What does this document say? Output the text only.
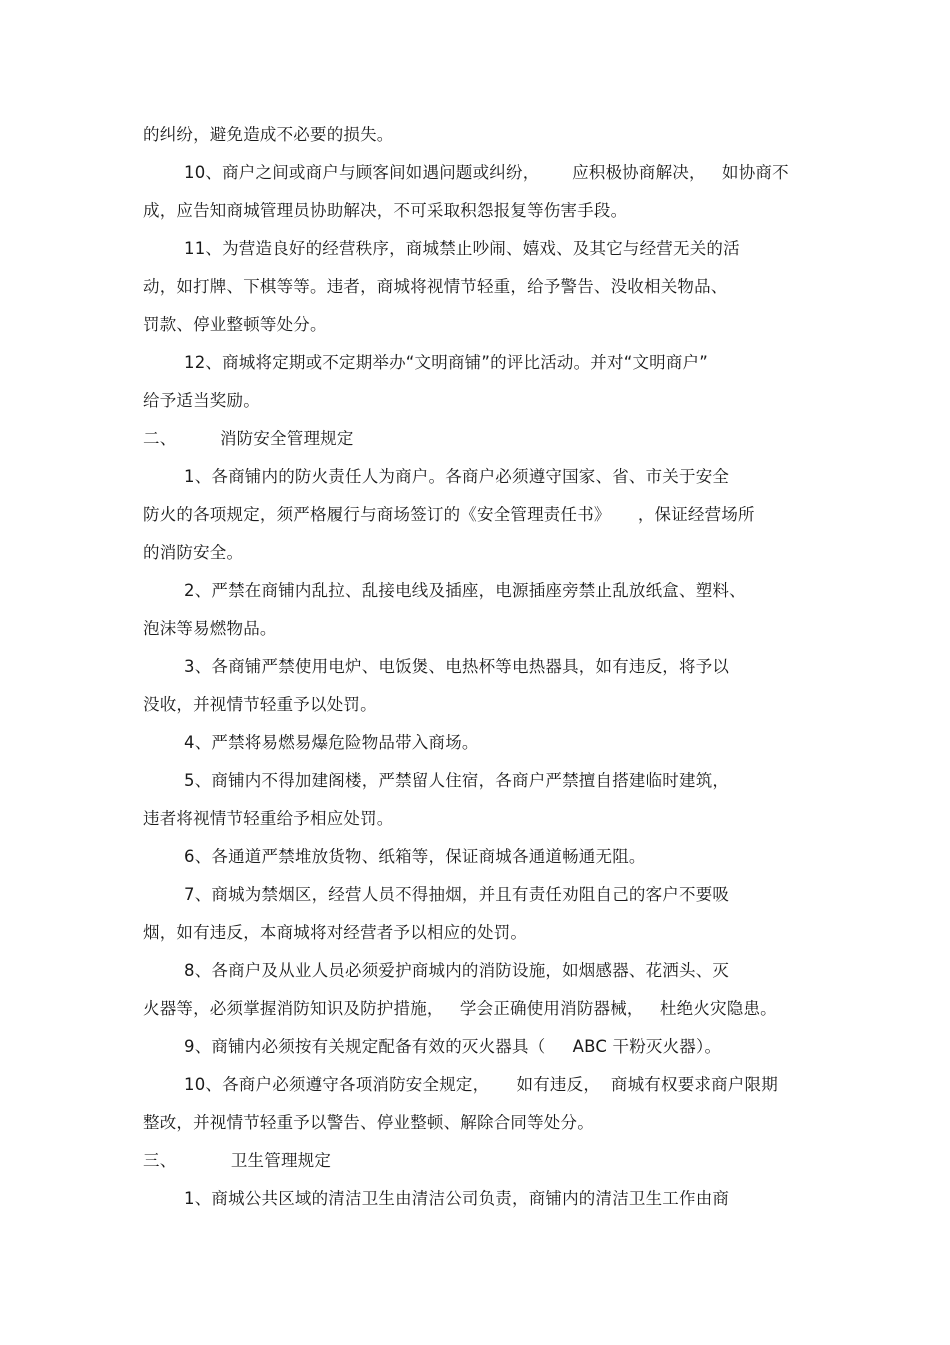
的纠纷，避免造成不必要的损失。
10、商户之间或商户与顾客间如遇问题或纠纷，      应积极协商解决，   如协商不
成，应告知商城管理员协助解决，不可采取积怨报复等伤害手段。
11、为营造良好的经营秩序，商城禁止吵闹、嬉戏、及其它与经营无关的活
动，如打牌、下棋等等。违者，商城将视情节轻重，给予警告、没收相关物品、
罚款、停业整顿等处分。
12、商城将定期或不定期举办“文明商铺”的评比活动。并对“文明商户”
给予适当奖励。
二、        消防安全管理规定
1、各商铺内的防火责任人为商户。各商户必须遵守国家、省、市关于安全
防火的各项规定，须严格履行与商场签订的《安全管理责任书》     ，保证经营场所
的消防安全。
2、严禁在商铺内乱拉、乱接电线及插座，电源插座旁禁止乱放纸盒、塑料、
泡沫等易燃物品。
3、各商铺严禁使用电炉、电饭煲、电热杯等电热器具，如有违反，将予以
没收，并视情节轻重予以处罚。
4、严禁将易燃易爆危险物品带入商场。
5、商铺内不得加建阁楼，严禁留人住宿，各商户严禁擅自搭建临时建筑，
违者将视情节轻重给予相应处罚。
6、各通道严禁堆放货物、纸箱等，保证商城各通道畅通无阻。
7、商城为禁烟区，经营人员不得抽烟，并且有责任劝阻自己的客户不要吸
烟，如有违反，本商城将对经营者予以相应的处罚。
8、各商户及从业人员必须爱护商城内的消防设施，如烟感器、花洒头、灭
火器等，必须掌握消防知识及防护措施，   学会正确使用消防器械，   杜绝火灾隐患。
9、商铺内必须按有关规定配备有效的灭火器具（     ABC 干粉灭火器）。
10、各商户必须遵守各项消防安全规定，     如有违反，  商城有权要求商户限期
整改，并视情节轻重予以警告、停业整顿、解除合同等处分。
三、          卫生管理规定
1、商城公共区域的清洁卫生由清洁公司负责，商铺内的清洁卫生工作由商
